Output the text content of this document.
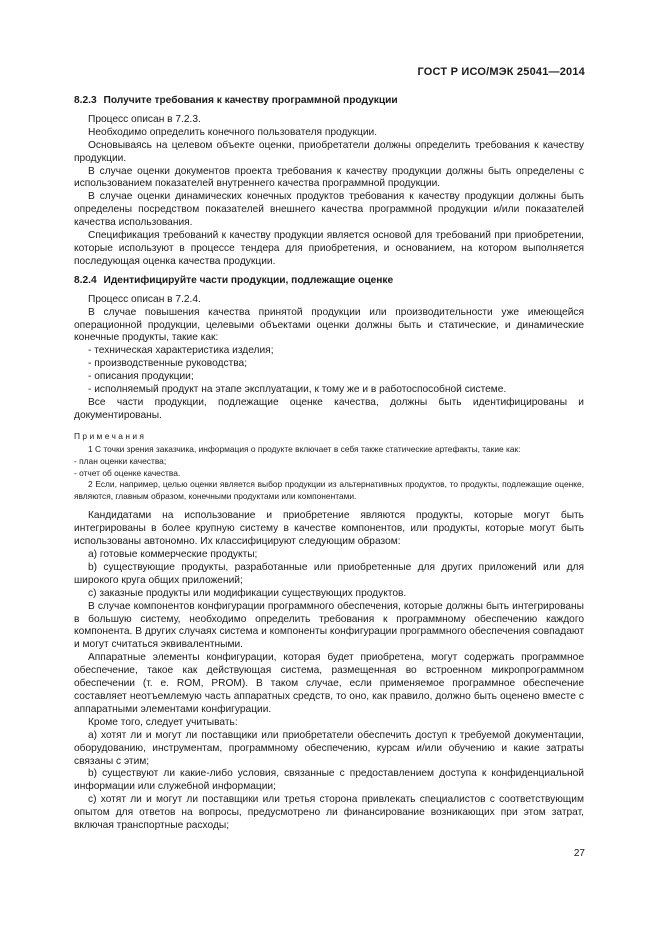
ГОСТ Р ИСО/МЭК 25041—2014

8.2.3 Получите требования к качеству программной продукции

Процесс описан в 7.2.3.

Необходимо определить конечного пользователя продукции.

Основываясь на целевом объекте оценки, приобретатели должны определить требования к качеству продукции.

В случае оценки документов проекта требования к качеству продукции должны быть определены с использованием показателей внутреннего качества программной продукции.

В случае оценки динамических конечных продуктов требования к качеству продукции должны быть определены посредством показателей внешнего качества программной продукции и/или показателей качества использования.

Спецификация требований к качеству продукции является основой для требований при приобретении, которые используют в процессе тендера для приобретения, и основанием, на котором выполняется последующая оценка качества продукции.

8.2.4 Идентифицируйте части продукции, подлежащие оценке

Процесс описан в 7.2.4.

В случае повышения качества принятой продукции или производительности уже имеющейся операционной продукции, целевыми объектами оценки должны быть и статические, и динамические конечные продукты, такие как:

- техническая характеристика изделия;

- производственные руководства;

- описания продукции;

- исполняемый продукт на этапе эксплуатации, к тому же и в работоспособной системе.

Все части продукции, подлежащие оценке качества, должны быть идентифицированы и документированы.

Примечания

1 С точки зрения заказчика, информация о продукте включает в себя также статические артефакты, такие как:

- план оценки качества;

- отчет об оценке качества.

2 Если, например, целью оценки является выбор продукции из альтернативных продуктов, то продукты, подлежащие оценке, являются, главным образом, конечными продуктами или компонентами.

Кандидатами на использование и приобретение являются продукты, которые могут быть интегрированы в более крупную систему в качестве компонентов, или продукты, которые могут быть использованы автономно. Их классифицируют следующим образом:

a) готовые коммерческие продукты;

b) существующие продукты, разработанные или приобретенные для других приложений или для широкого круга общих приложений;

c) заказные продукты или модификации существующих продуктов.

В случае компонентов конфигурации программного обеспечения, которые должны быть интегрированы в большую систему, необходимо определить требования к программному обеспечению каждого компонента. В других случаях система и компоненты конфигурации программного обеспечения совпадают и могут считаться эквивалентными.

Аппаратные элементы конфигурации, которая будет приобретена, могут содержать программное обеспечение, такое как действующая система, размещенная во встроенном микропрограммном обеспечении (т. е. ROM, PROM). В таком случае, если применяемое программное обеспечение составляет неотъемлемую часть аппаратных средств, то оно, как правило, должно быть оценено вместе с аппаратными элементами конфигурации.

Кроме того, следует учитывать:

a) хотят ли и могут ли поставщики или приобретатели обеспечить доступ к требуемой документации, оборудованию, инструментам, программному обеспечению, курсам и/или обучению и какие затраты связаны с этим;

b) существуют ли какие-либо условия, связанные с предоставлением доступа к конфиденциальной информации или служебной информации;

c) хотят ли и могут ли поставщики или третья сторона привлекать специалистов с соответствующим опытом для ответов на вопросы, предусмотрено ли финансирование возникающих при этом затрат, включая транспортные расходы;

27
